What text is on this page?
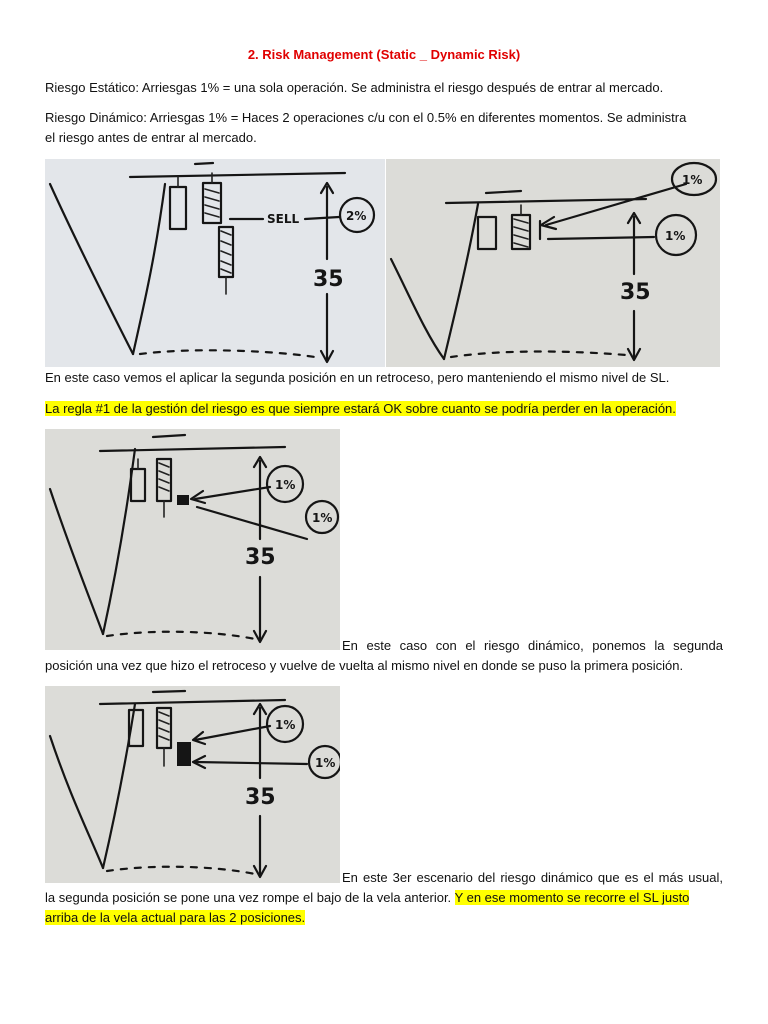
2. Risk Management (Static _ Dynamic Risk)
Riesgo Estático: Arriesgas 1% = una sola operación. Se administra el riesgo después de entrar al mercado.
Riesgo Dinámico: Arriesgas 1% = Haces 2 operaciones c/u con el 0.5% en diferentes momentos. Se administra
el riesgo antes de entrar al mercado.
SELL	2%
35
1%
1%
35
En este caso vemos el aplicar la segunda posición en un retroceso, pero manteniendo el mismo nivel de SL.
La regla #1 de la gestión del riesgo es que siempre estará OK sobre cuanto se podría perder en la operación.
1%
1%
35
En este caso con el riesgo dinámico, ponemos la segunda
posición una vez que hizo el retroceso y vuelve de vuelta al mismo nivel en donde se puso la primera posición.
1%
1%
35
En este 3er escenario del riesgo dinámico que es el más usual,
la segunda posición se pone una vez rompe el bajo de la vela anterior. Y en ese momento se recorre el SL justo
arriba de la vela actual para las 2 posiciones.
